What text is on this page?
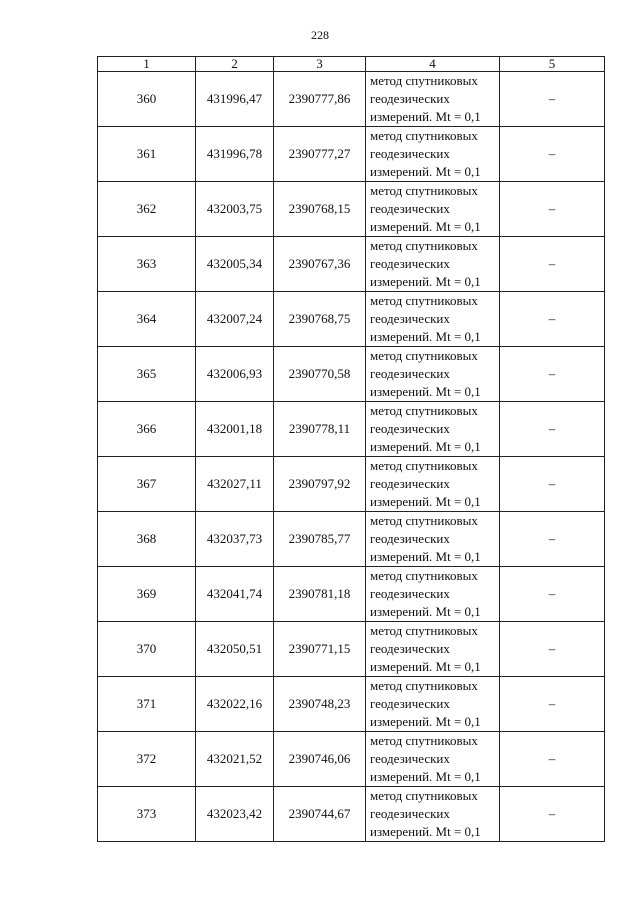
228
1	2	3	4	5
360	431996,47	2390777,86	метод спутниковых
геодезических
измерений. Mt = 0,1	–
361	431996,78	2390777,27	метод спутниковых
геодезических
измерений. Mt = 0,1	–
362	432003,75	2390768,15	метод спутниковых
геодезических
измерений. Mt = 0,1	–
363	432005,34	2390767,36	метод спутниковых
геодезических
измерений. Mt = 0,1	–
364	432007,24	2390768,75	метод спутниковых
геодезических
измерений. Mt = 0,1	–
365	432006,93	2390770,58	метод спутниковых
геодезических
измерений. Mt = 0,1	–
366	432001,18	2390778,11	метод спутниковых
геодезических
измерений. Mt = 0,1	–
367	432027,11	2390797,92	метод спутниковых
геодезических
измерений. Mt = 0,1	–
368	432037,73	2390785,77	метод спутниковых
геодезических
измерений. Mt = 0,1	–
369	432041,74	2390781,18	метод спутниковых
геодезических
измерений. Mt = 0,1	–
370	432050,51	2390771,15	метод спутниковых
геодезических
измерений. Mt = 0,1	–
371	432022,16	2390748,23	метод спутниковых
геодезических
измерений. Mt = 0,1	–
372	432021,52	2390746,06	метод спутниковых
геодезических
измерений. Mt = 0,1	–
373	432023,42	2390744,67	метод спутниковых
геодезических
измерений. Mt = 0,1	–
